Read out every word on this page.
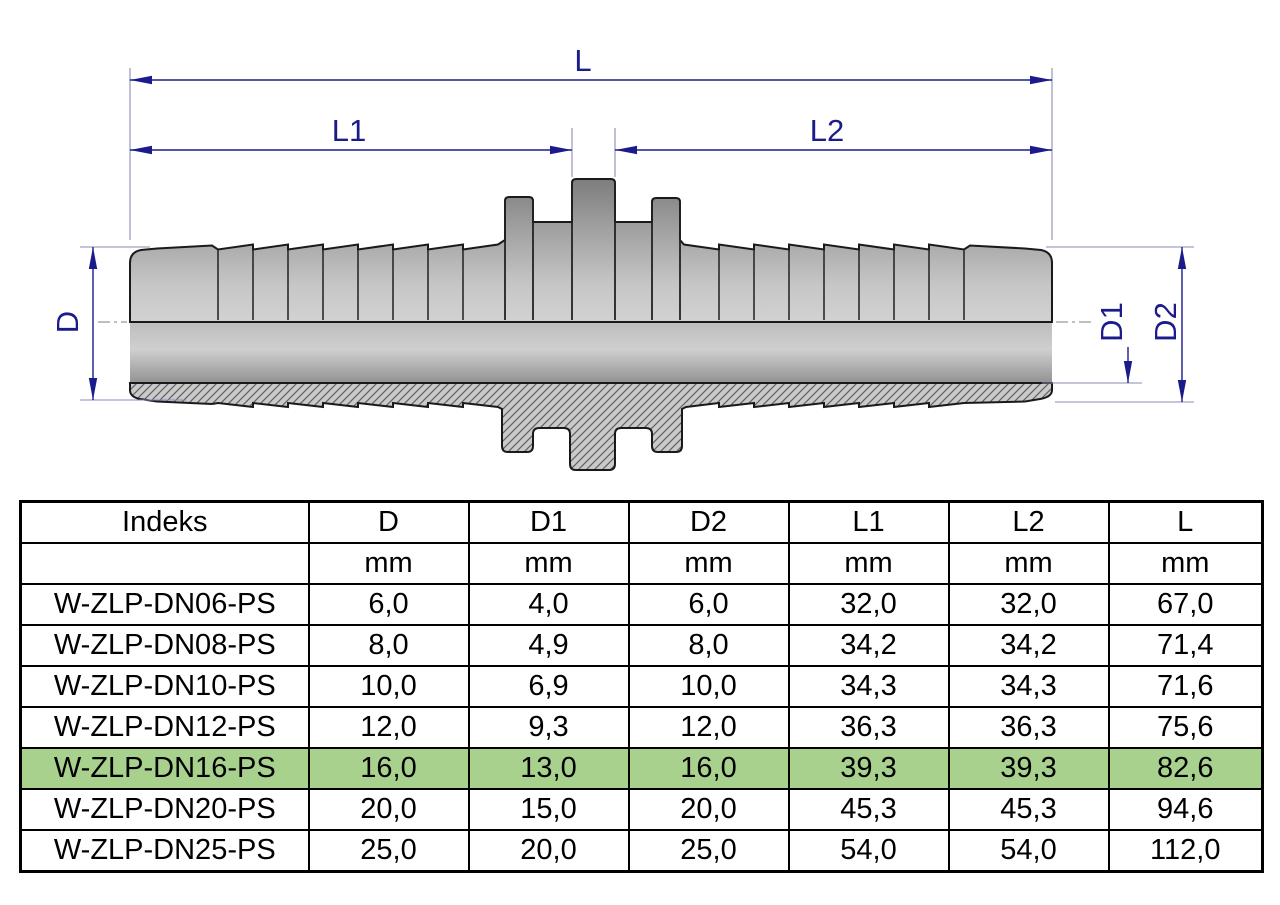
L
L1	L2
D	D1 D2
Indeks	D	D1	D2	L1	L2	L
	mm	mm	mm	mm	mm	mm
W-ZLP-DN06-PS	6,0	4,0	6,0	32,0	32,0	67,0
W-ZLP-DN08-PS	8,0	4,9	8,0	34,2	34,2	71,4
W-ZLP-DN10-PS	10,0	6,9	10,0	34,3	34,3	71,6
W-ZLP-DN12-PS	12,0	9,3	12,0	36,3	36,3	75,6
W-ZLP-DN16-PS	16,0	13,0	16,0	39,3	39,3	82,6
W-ZLP-DN20-PS	20,0	15,0	20,0	45,3	45,3	94,6
W-ZLP-DN25-PS	25,0	20,0	25,0	54,0	54,0	112,0
